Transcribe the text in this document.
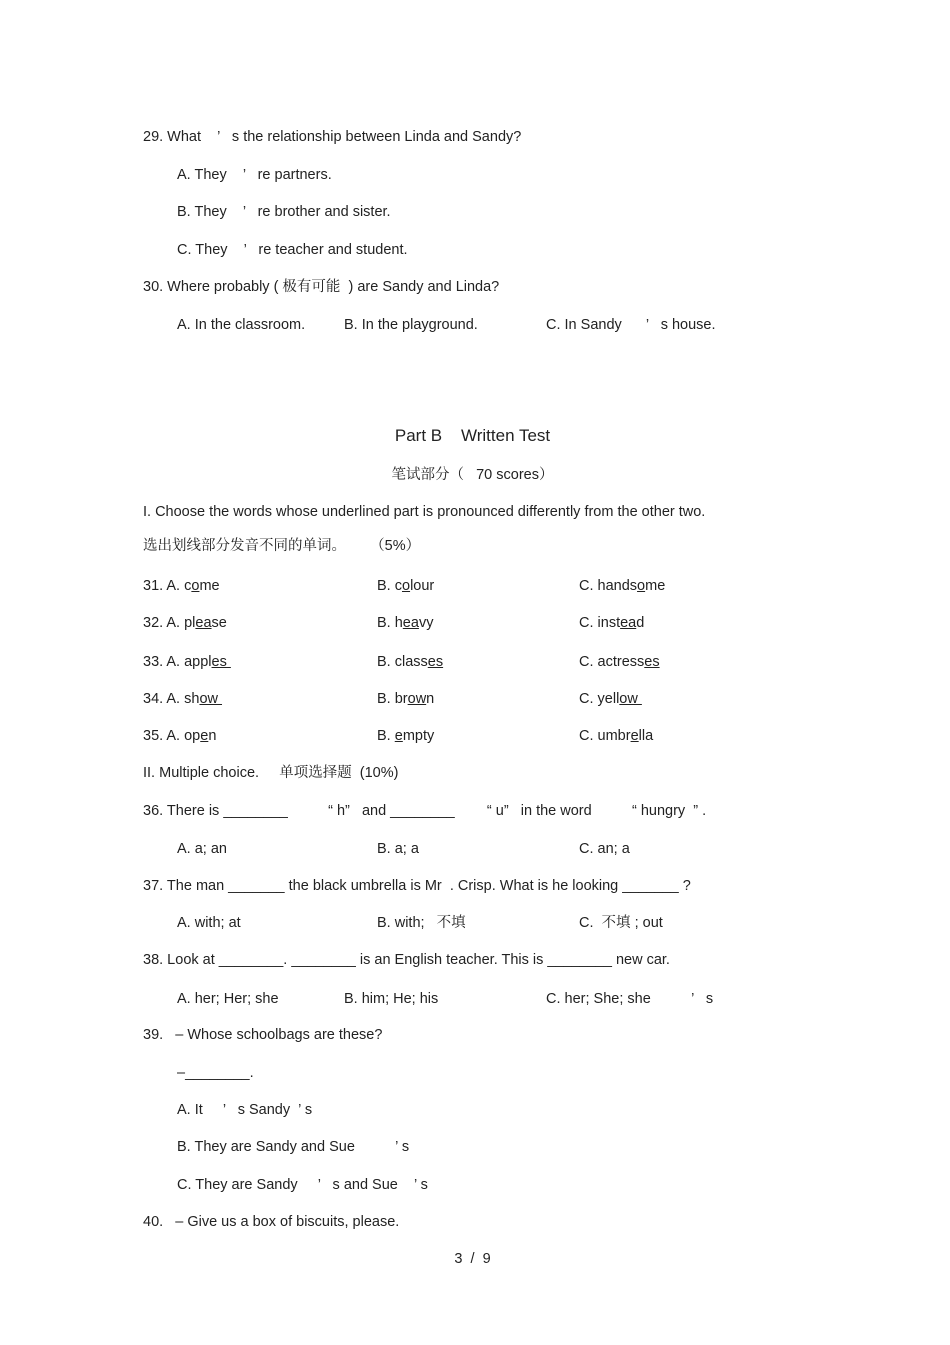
29. What    ’   s the relationship between Linda and Sandy?
A. They    ’   re partners.
B. They    ’   re brother and sister.
C. They    ’   re teacher and student.
30. Where probably ( 极有可能  ) are Sandy and Linda?
A. In the classroom.	B. In the playground.	C. In Sandy      ’   s house.
Part B    Written Test
笔试部分（   70 scores）
I. Choose the words whose underlined part is pronounced differently from the other two.
选出划线部分发音不同的单词。      （5%）
31. A. come	B. colour	C. handsome
32. A. please	B. heavy	C. instead
33. A. apples	B. classes	C. actresses
34. A. show	B. brown	C. yellow
35. A. open	B. empty	C. umbrella
II. Multiple choice.     单项选择题  (10%)
36. There is ________          “ h”   and ________        “ u”   in the word          “ hungry  ” .
A. a; an	B. a; a	C. an; a
37. The man _______ the black umbrella is Mr  . Crisp. What is he looking _______ ?
A. with; at	B. with;   不填	C.  不填 ; out
38. Look at ________. ________ is an English teacher. This is ________ new car.
A. her; Her; she	B. him; He; his	C. her; She; she          ’   s
39.   – Whose schoolbags are these?
–________.
A. It     ’   s Sandy  ’ s
B. They are Sandy and Sue          ’ s
C. They are Sandy     ’   s and Sue    ’ s
40.   – Give us a box of biscuits, please.
3  /  9
